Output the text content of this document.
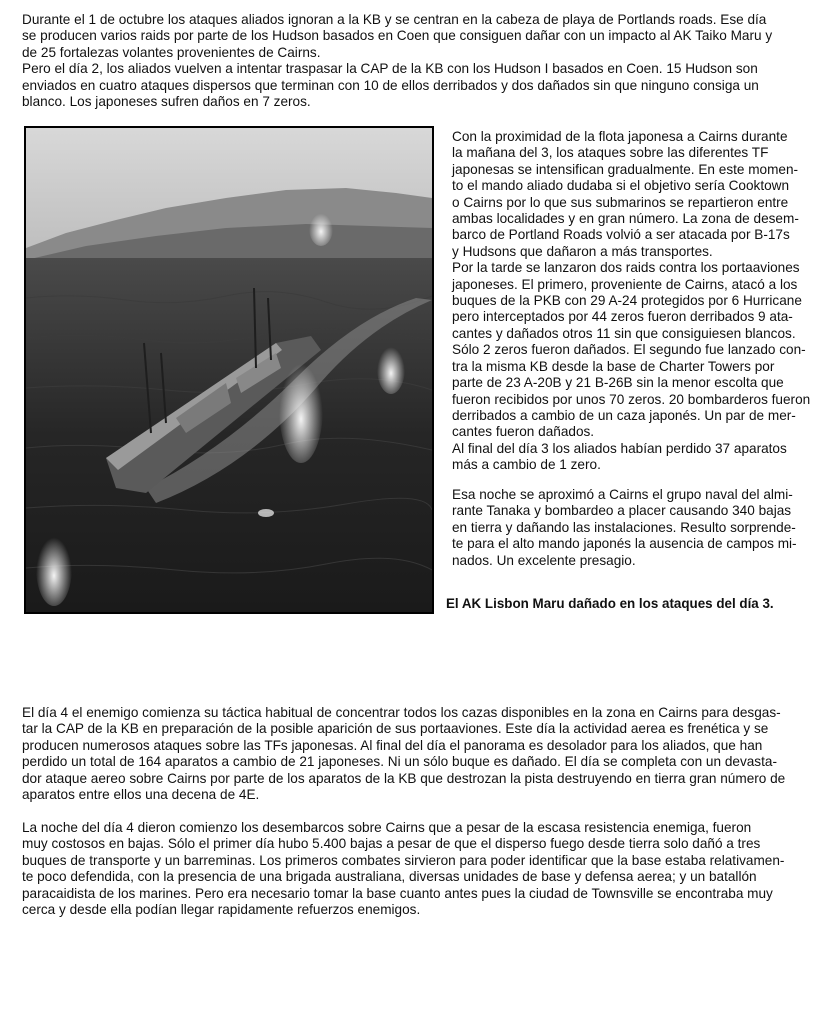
Durante el 1 de octubre los ataques aliados ignoran a la KB y se centran en la cabeza de playa de Portlands roads. Ese día
se producen varios raids por parte de los Hudson basados en Coen que consiguen dañar con un impacto al AK Taiko Maru y
de 25 fortalezas volantes provenientes de Cairns.
Pero el día 2, los aliados vuelven a intentar traspasar la CAP de la KB con los Hudson I basados en Coen. 15 Hudson son
enviados en cuatro ataques dispersos que terminan con 10 de ellos derribados y dos dañados sin que ninguno consiga un
blanco. Los japoneses sufren daños en 7 zeros.
Con la proximidad de la flota japonesa a Cairns durante
la mañana del 3, los ataques sobre las diferentes TF
japonesas se intensifican gradualmente. En este momen-
to el mando aliado dudaba si el objetivo sería Cooktown
o Cairns por lo que sus submarinos se repartieron entre
ambas localidades y en gran número. La zona de desem-
barco de Portland Roads volvió a ser atacada por B-17s
y Hudsons que dañaron a más transportes.
Por la tarde se lanzaron dos raids contra los portaaviones
japoneses. El primero, proveniente de Cairns, atacó a los
buques de la PKB con 29 A-24 protegidos por 6 Hurricane
pero interceptados por 44 zeros fueron derribados 9 ata-
cantes y dañados otros 11 sin que consiguiesen blancos.
Sólo 2 zeros fueron dañados. El segundo fue lanzado con-
tra la misma KB desde la base de Charter Towers por
parte de 23 A-20B y 21 B-26B sin la menor escolta que
fueron recibidos por unos 70 zeros. 20 bombarderos fueron
derribados a cambio de un caza japonés. Un par de mer-
cantes fueron dañados.
Al final del día 3 los aliados habían perdido 37 aparatos
más a cambio de 1 zero.
Esa noche se aproximó a Cairns el grupo naval del almi-
rante Tanaka y bombardeo a placer causando 340 bajas
en tierra y dañando las instalaciones. Resulto sorprende-
te para el alto mando japonés la ausencia de campos mi-
nados. Un excelente presagio.
El AK Lisbon Maru dañado en los ataques del día 3.
El día 4 el enemigo comienza su táctica habitual de concentrar todos los cazas disponibles en la zona en Cairns para desgas-
tar la CAP de la KB en preparación de la posible aparición de sus portaaviones. Este día la actividad aerea es frenética y se
producen numerosos ataques sobre las TFs japonesas. Al final del día el panorama es desolador para los aliados, que han
perdido un total de 164 aparatos a cambio de 21 japoneses. Ni un sólo buque es dañado. El día se completa con un devasta-
dor ataque aereo sobre Cairns por parte de los aparatos de la KB que destrozan la pista destruyendo en tierra gran número de
aparatos entre ellos una decena de 4E.
La noche del día 4 dieron comienzo los desembarcos sobre Cairns que a pesar de la escasa resistencia enemiga, fueron
muy costosos en bajas. Sólo el primer día hubo 5.400 bajas a pesar de que el disperso fuego desde tierra solo dañó a tres
buques de transporte y un barreminas. Los primeros combates sirvieron para poder identificar que la base estaba relativamen-
te poco defendida, con la presencia de una brigada australiana, diversas unidades de base y defensa aerea; y un batallón
paracaidista de los marines. Pero era necesario tomar la base cuanto antes pues la ciudad de Townsville se encontraba muy
cerca y desde ella podían llegar rapidamente refuerzos enemigos.
